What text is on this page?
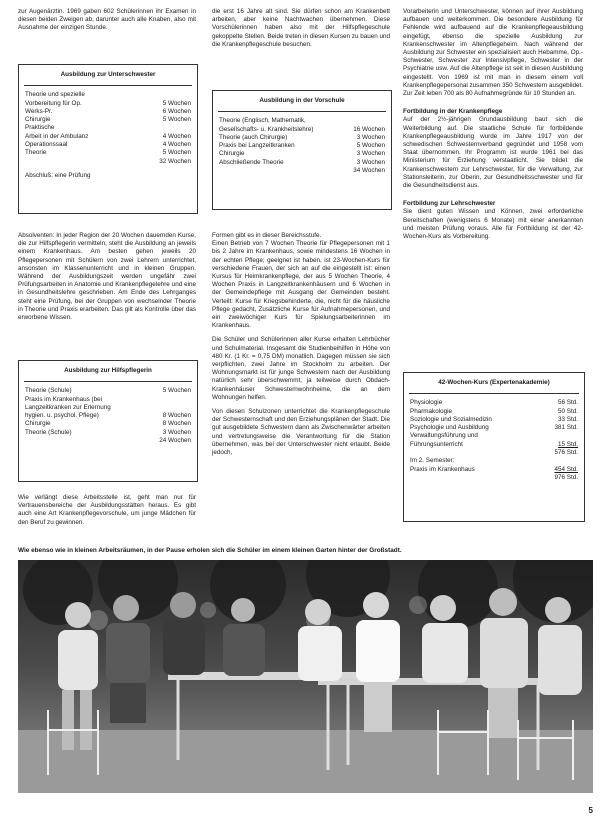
zur Augenärztin. 1969 gaben 602 Schülerinnen ihr Examen in diesen beiden Zweigen ab, darunter auch alle Knaben, also mit Ausnahme der einzigen Stunde.

Ausbildung zur Unterschwester
Theorie und spezielle
Vorbereitung für Op.	5 Wochen
Werks-Pr.	6 Wochen
Chirurgie	5 Wochen
Praktische
Arbeit in der Ambulanz	4 Wochen
Operationssaal	4 Wochen
Theorie	5 Wochen
32 Wochen
Abschluß: eine Prüfung

Absolventen: In jeder Region der 20 Wochen dauernden Kurse, die zur Hilfspflegerin vermitteln, steht die Ausbildung an jeweils einem Krankenhaus. Am besten gehen jeweils 20 Pflegepersonen mit Schülern von zwei Lehrern unterrichtet, ansonsten im Klassenunterricht und in kleinen Gruppen. Während der Ausbildungszeit werden ungefähr zwei Prüfungsarbeiten in Anatomie und Krankenpflegelehre und eine in Gesundheitslehre geschrieben. Am Ende des Lehrganges steht eine Prüfung, bei der Gruppen von wechselnder Theorie in Theorie und Praxis erarbeiten. Das gilt als Kontrolle über das erworbene Wissen.

Ausbildung zur Hilfspflegerin
Theorie (Schule)	5 Wochen
Praxis im Krankenhaus (bei
Langzeitkranken zur Erlernung
hygien. u. psychol. Pflege)	8 Wochen
Chirurgie	8 Wochen
Theorie (Schule)	3 Wochen
24 Wochen

Wie verlängt diese Arbeitsstelle ist, geht man nur für Vertrauensbereiche der Ausbildungsstätten heraus. Es gibt auch eine Art Krankenpflegevorschule, um junge Mädchen für den Beruf zu gewinnen.

die erst 16 Jahre alt sind. Sie dürfen schon am Krankenbett arbeiten, aber keine Nachtwachen übernehmen. Diese Vorschülerinnen haben also mit der Hilfspflegeschule gekoppelte Stellen. Beide treten in diesen Kursen zu bauen und die Krankenpflegeschule besuchen.

Ausbildung in der Vorschule
Theorie (Englisch, Mathematik,
Gesellschafts- u. Krankheitslehre)	16 Wochen
Theorie (auch Chirurgie)	3 Wochen
Praxis bei Langzeitkranken	5 Wochen
Chirurgie	3 Wochen
Abschließende Theorie	3 Wochen
34 Wochen

Formen gibt es in dieser Bereichsstufe.

Einen Betrieb von 7 Wochen Theorie für Pflegepersonen mit 1 bis 2 Jahre im Krankenhaus, sowie mindestens 16 Wochen in der echten Pflege; geeignet ist haben, ist 23-Wochen-Kurs für verschiedene Frauen, der sich an auf die eingestellt ist: einen Kursus für Heimkrankenpflege, der aus 5 Wochen Theorie, 4 Wochen Praxis in Langzeitkrankenhäusern und 6 Wochen in der Gemeindepflege mit Ausgang der Gemeinden besteht. Verteilt: Kurse für Kriegsbehinderte, die, nicht für die häusliche Pflege gedacht, Zusätzliche Kurse für Aufnahmepersonen, und ein zweiwöchiger Kurs für Spielungsarbeiterinnen im Krankenhaus.

Die Schüler und Schülerinnen aller Kurse erhalten Lehrbücher und Schulmaterial. Insgesamt die Studienbeihilfen in Höhe von 480 Kr. (1 Kr. = 0,75 DM) monatlich. Dagegen müssen sie sich verpflichten, zwei Jahre im Stockholm zu arbeiten. Der Wohnungsmarkt ist für junge Schwestern nach der Ausbildung natürlich sehr überschwemmt, ja teilweise durch Obdach-Krankenhäuser Schwesternwohnheime, die an dem Wohnungen helfen.

Von diesen Schulzonen unterrichtet die Krankenpflegeschule der Schwesternschaft und den Erziehungsplänen der Stadt. Die gut ausgebildete Schwestern dann als Zwischenwärter arbeiten und vertretungsweise die Verantwortung für die Station übernehmen, was bei der Unterschwester nicht erlaubt. Beide jedoch,

Vorarbeiterin und Unterschwester, können auf ihrer Ausbildung aufbauen und weiterkommen. Die besondere Ausbildung für Fehlende wird aufbauend auf die Krankenpflegeausbildung eingefügt, ebenso die spezielle Ausbildung zur Krankenschwester im Altenpflegeheim. Nach während der Ausbildung zur Schwester ein spezialisiert auch Hebamme, Op.-Schwester, Schwester zur Intensivpflege, Schwester in der Psychiatrie usw. Auf die Altenpflege ist seit in diesen Ausbildung eingestellt. Von 1969 ist mit man in diesem einem voll Krankenpflegepersonal zusammen 350 Schwestern ausgebildet. Zur Zeit leben 700 als 80 Aufnahmegründe für 10 Stunden an.

Fortbildung in der Krankenpflege

Auf der 2½-jährigen Grundausbildung baut sich die Weiterbildung auf. Die staatliche Schule für fortbildende Krankenpflegeausbildung wurde im Jahre 1917 von der schwedischen Schwesternverband gegründet und 1958 vom Staat übernommen. Ihr Programm ist wurde 1961 bei das Ministerium für Erziehung verstaatlicht. Sie bildet die Krankenschwestern zur Lehrschwester, für die Verwaltung, zur Stationsleiterin, zur Oberin, zur Gesundheitsschwester und für die Gesundheitsdienst aus.

Fortbildung zur Lehrschwester

Sie dient guten Wissen und Können, zwei erforderliche Bereitschaften (wenigstens 6 Monate) mit einer anerkannten und meisten Prüfung voraus. Alle für Fortbildung ist der 42-Wochen-Kurs als Vorbereitung.

42-Wochen-Kurs (Expertenakademie)
Physiologie	56 Std.
Pharmakologie	50 Std.
Soziologie und Sozialmedizin	33 Std.
Psychologie und Ausbildung	381 Std.
Verwaltungsführung und
Führungsunterricht	15 Std.
576 Std.
Im 2. Semester:
Praxis im Krankenhaus	454 Std.
976 Std.
Wie ebenso wie in kleinen Arbeitsräumen, in der Pause erholen sich die Schüler im einem kleinen Garten hinter der Großstadt.
5
